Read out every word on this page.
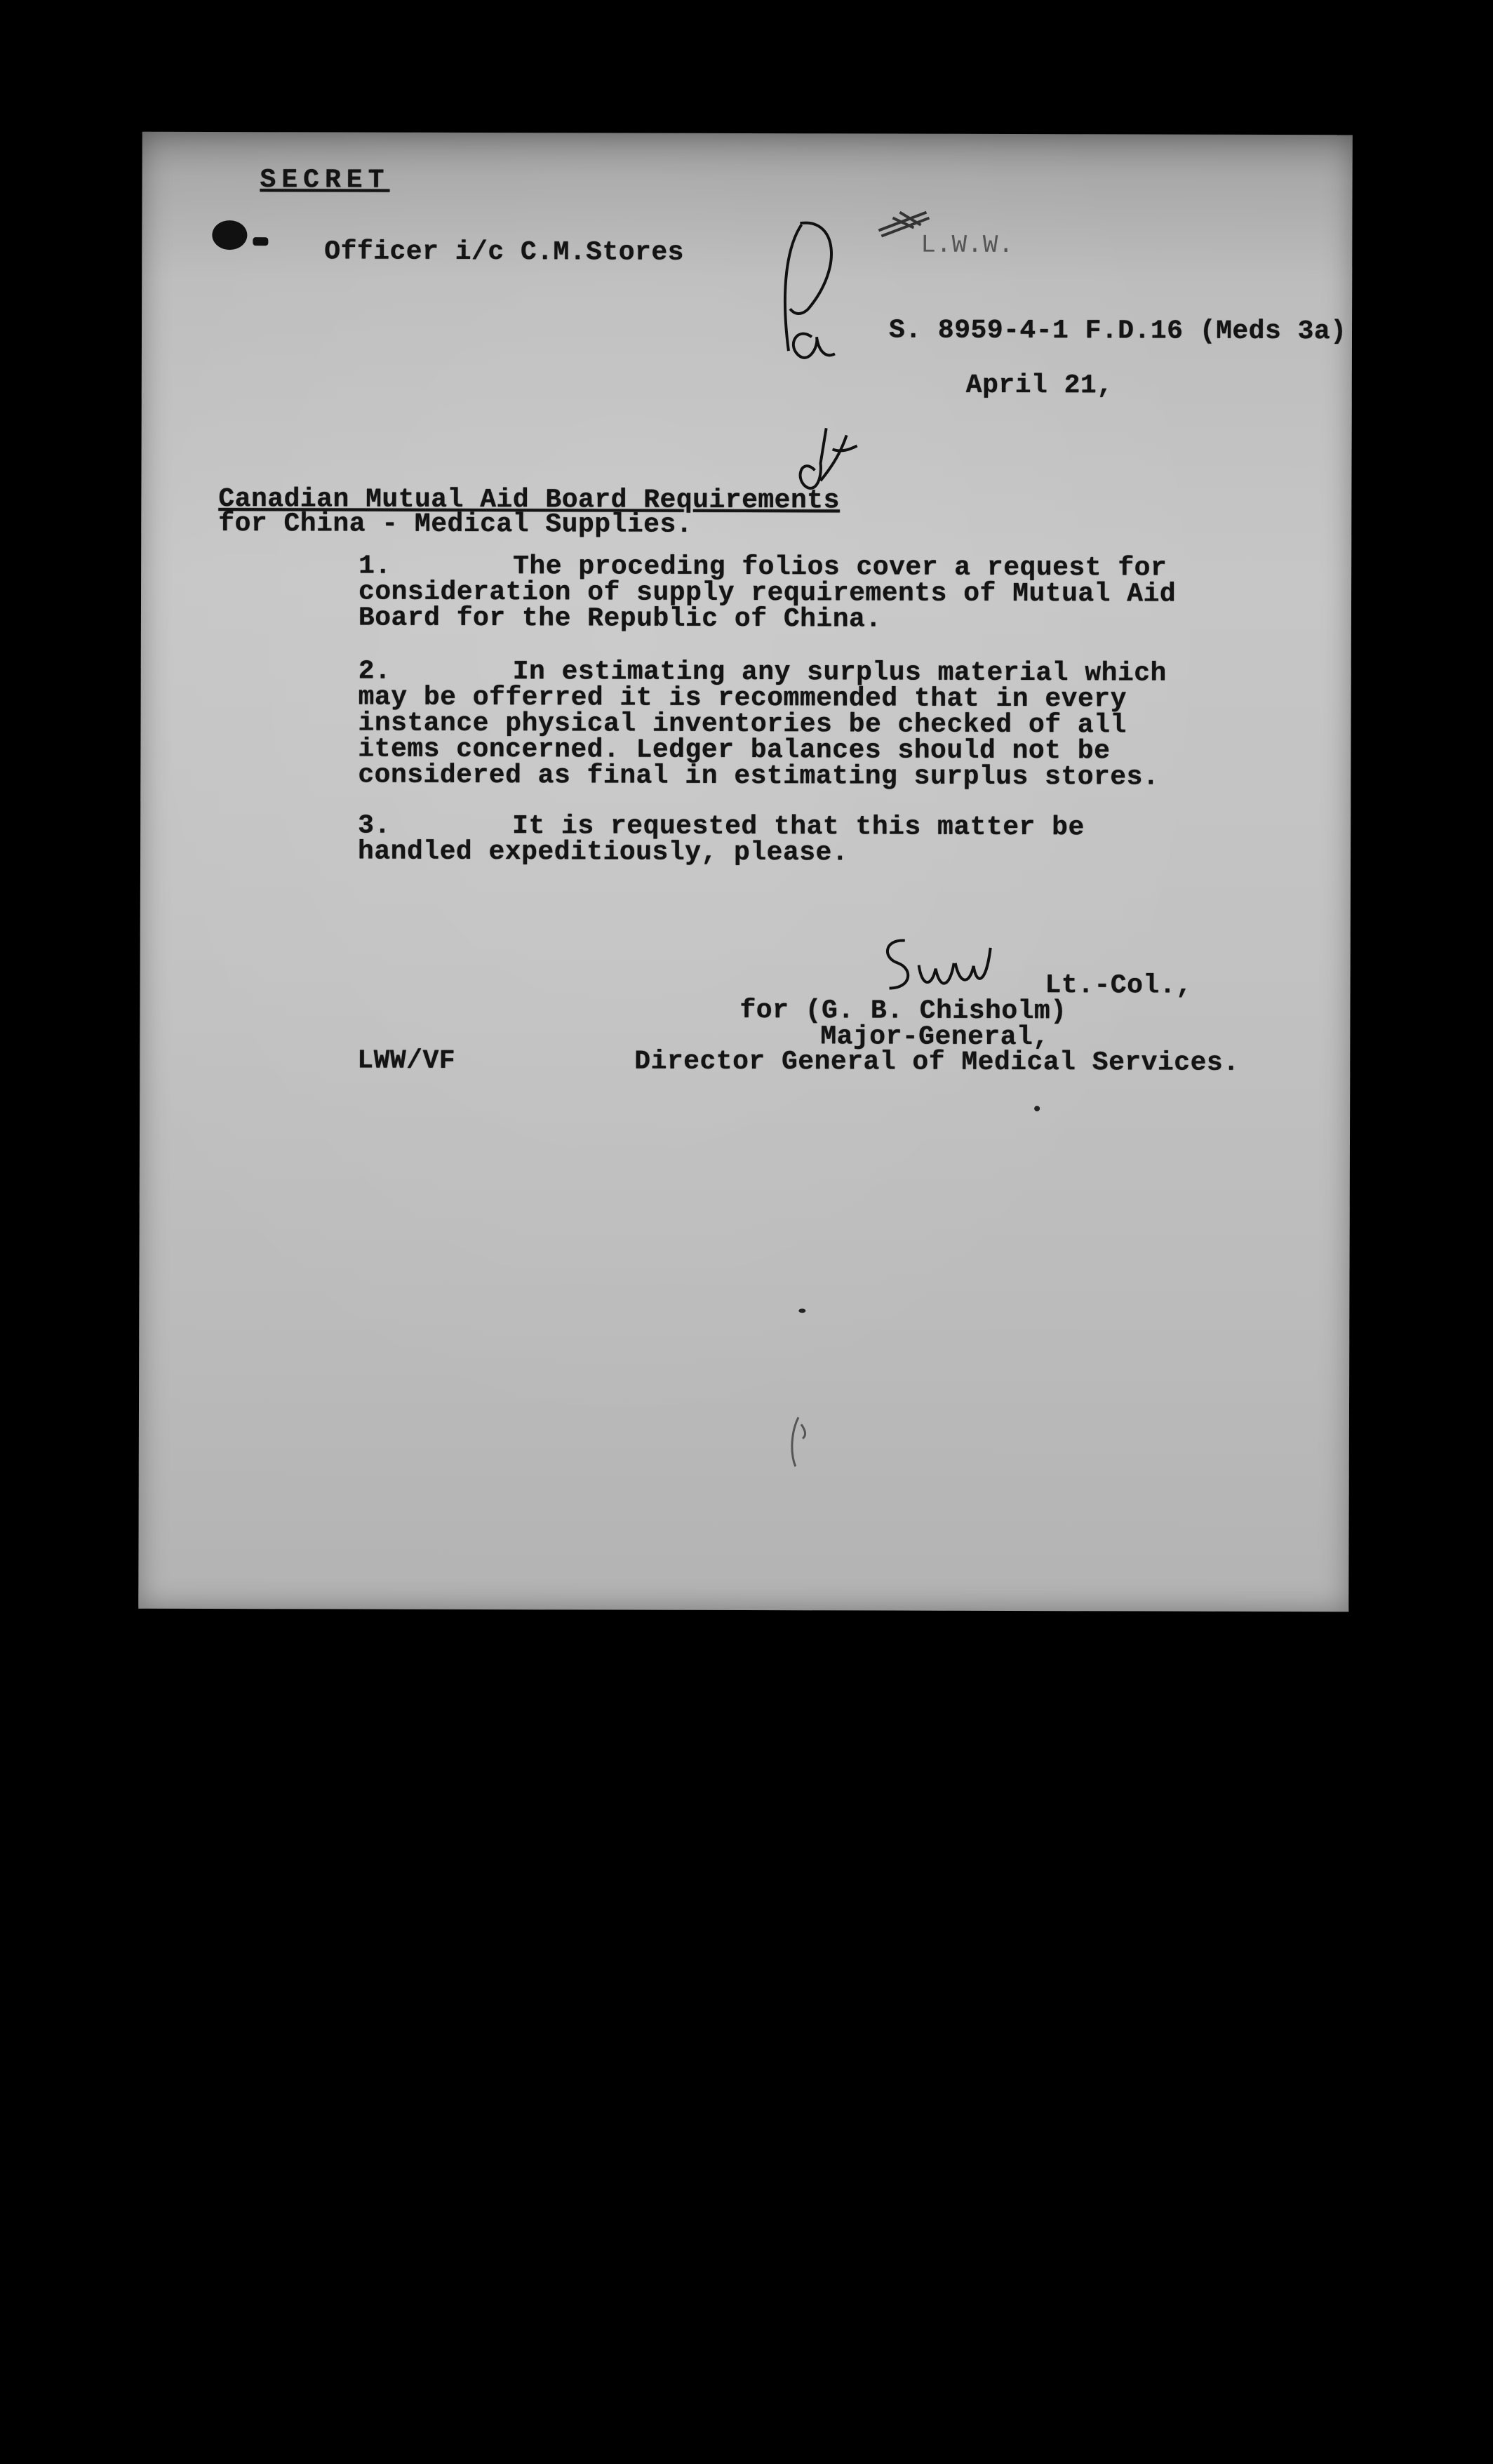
SECRET
Officer i/c C.M.Stores	L.W.W.
Pa
S. 8959-4-1 F.D.16 (Meds 3a)
April 21,
Canadian Mutual Aid Board Requirements
for China - Medical Supplies.
1.	The proceding folios cover a request for
consideration of supply requirements of Mutual Aid
Board for the Republic of China.
2.	In estimating any surplus material which
may be offerred it is recommended that in every
instance physical inventories be checked of all
items concerned. Ledger balances should not be
considered as final in estimating surplus stores.
3.	It is requested that this matter be
handled expeditiously, please.
Lt.-Col.,
for (G. B. Chisholm)
Major-General,
LWW/VF	Director General of Medical Services.
